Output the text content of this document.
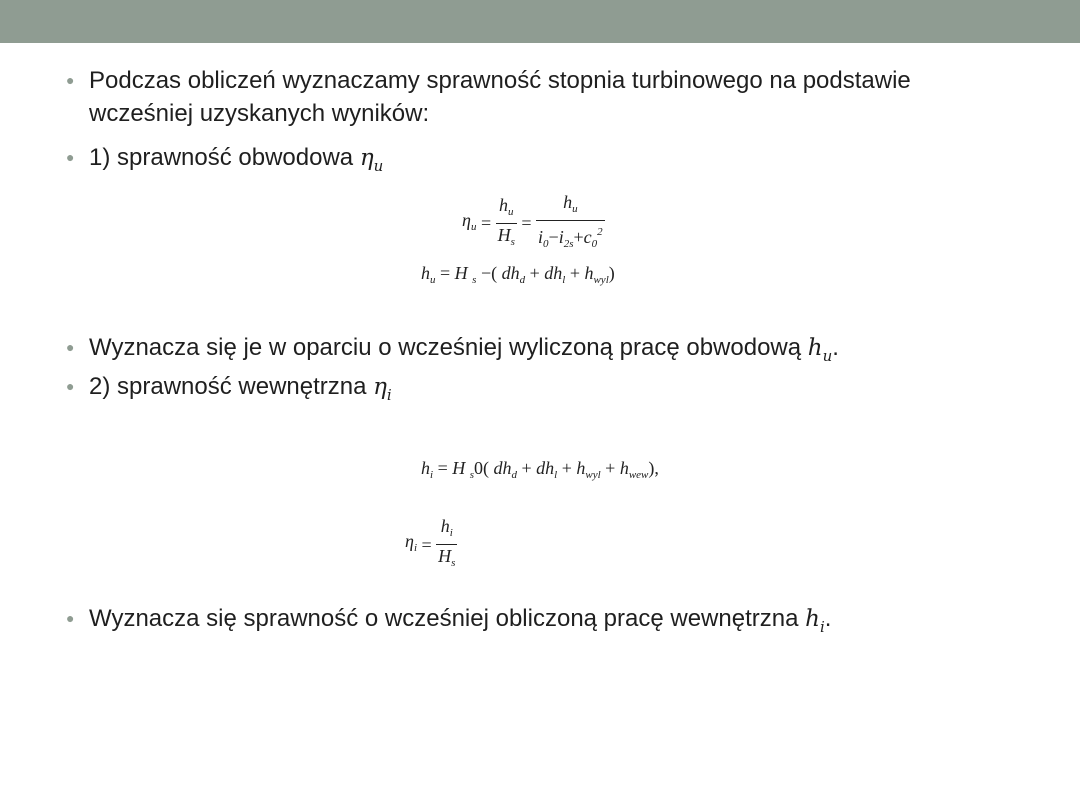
● Podczas obliczeń wyznaczamy sprawność stopnia turbinowego na podstawie
wcześniej uzyskanych wyników:
● 1) sprawność obwodowa $\eta_u$
$\eta_u = \frac{h_u}{H_s} = \frac{h_u}{i_0-i_{2s}+c_0^2}$
$h_u = H$ $_s$ −( $dh_d + dh_l + h_{wyl}$)
● Wyznacza się je w oparciu o wcześniej wyliczoną pracę obwodową $h_u$.
● 2) sprawność wewnętrzna $\eta_i$
$h_i = H$ $_s$0( $dh_d + dh_l + h_{wyl} + h_{wew}$),
$\eta_i = \frac{h_i}{H_s}$
● Wyznacza się sprawność o wcześniej obliczoną pracę wewnętrzna $h_i$.
